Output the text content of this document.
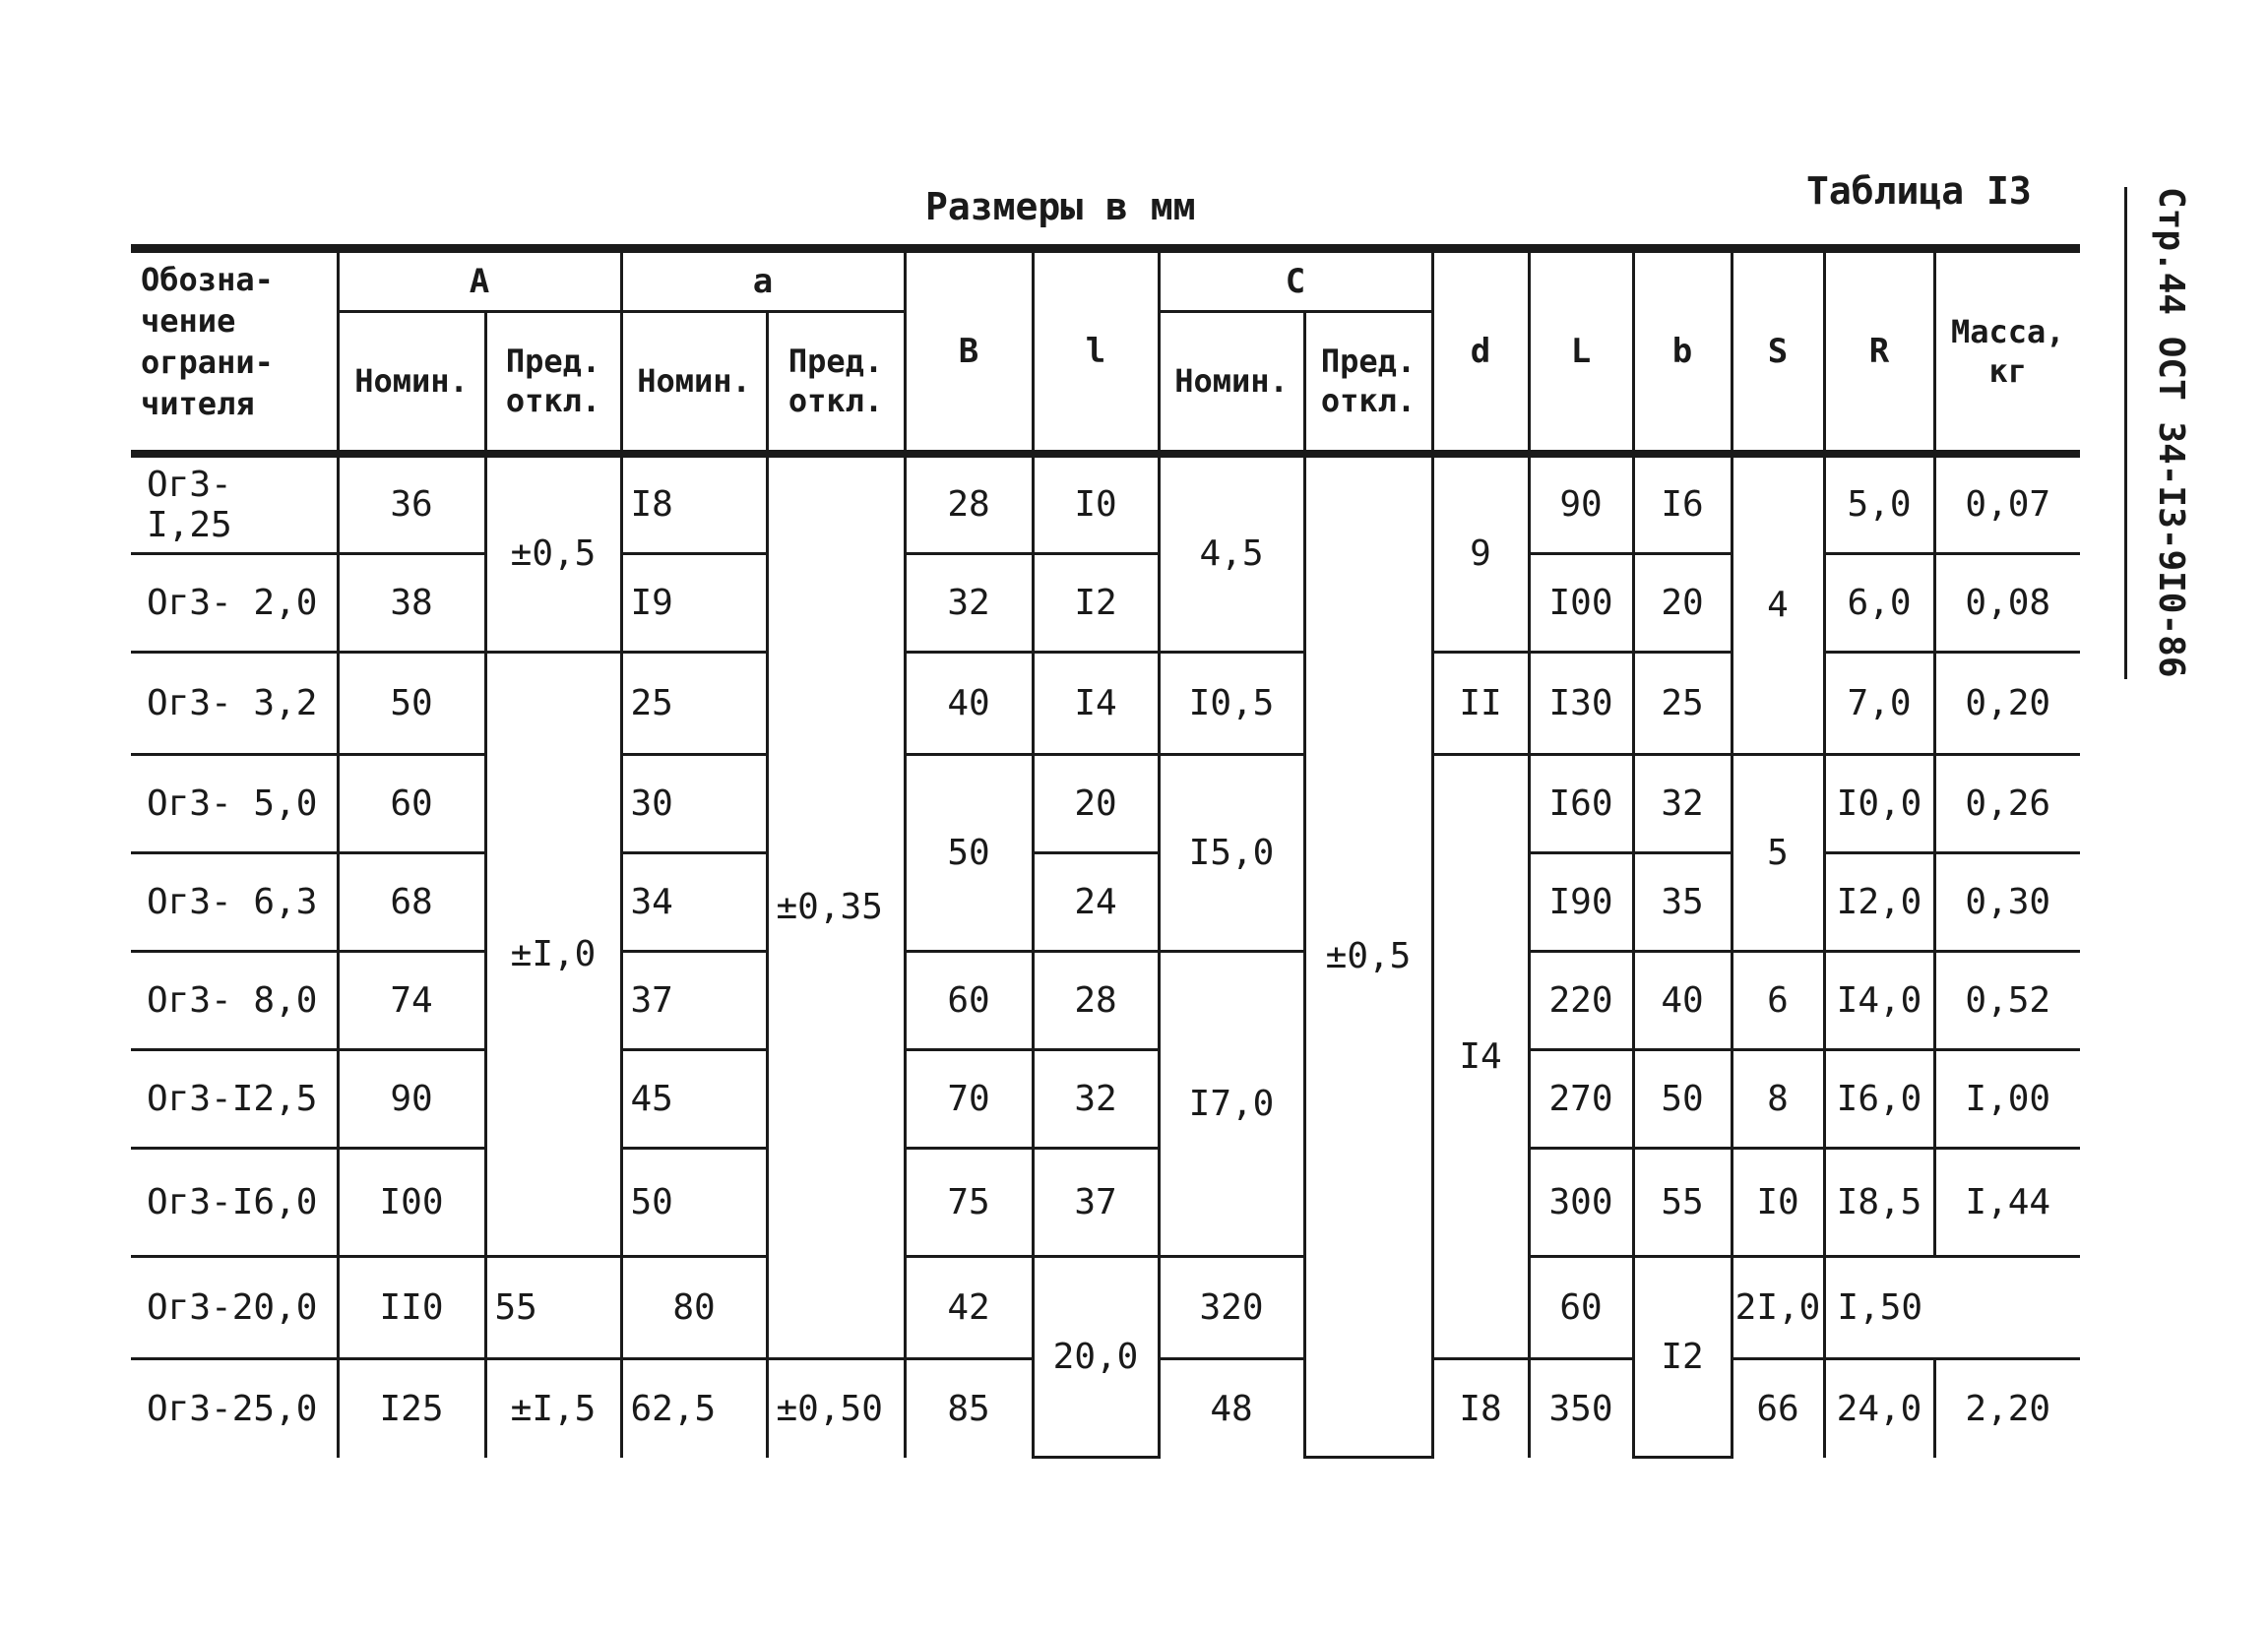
Размеры в мм	Таблица I3	Стр.44 ОСТ 34-I3-9I0-86
Обозна- чение ограни- чителя	А		а		В	l	С		d	L	b	S	R	Масса, кг
	Номин.	Пред. откл.	Номин.	Пред. откл.			Номин.	Пред. откл.						
Ог3- I,25	36	±0,5	I8	±0,35	28	I0	4,5	±0,5	9	90	I6	4	5,0	0,07
Ог3- 2,0	38		I9		32	I2				I00	20		6,0	0,08
Ог3- 3,2	50	±I,0	25		40	I4	I0,5		II	I30	25		7,0	0,20
Ог3- 5,0	60		30		50	20	I5,0		I4	I60	32	5	I0,0	0,26
Ог3- 6,3	68		34			24				I90	35		I2,0	0,30
Ог3- 8,0	74		37		60	28	I7,0			220	40	6	I4,0	0,52
Ог3-I2,5	90		45		70	32				270	50	8	I6,0	I,00
Ог3-I6,0	I00		50		75	37				300	55	I0	I8,5	I,44
Ог3-20,0	II0	55	80		42	20,0	320			60	I2	2I,0	I,50	
Ог3-25,0	I25	±I,5	62,5	±0,50	85		48		I8	350		66	24,0	2,20
